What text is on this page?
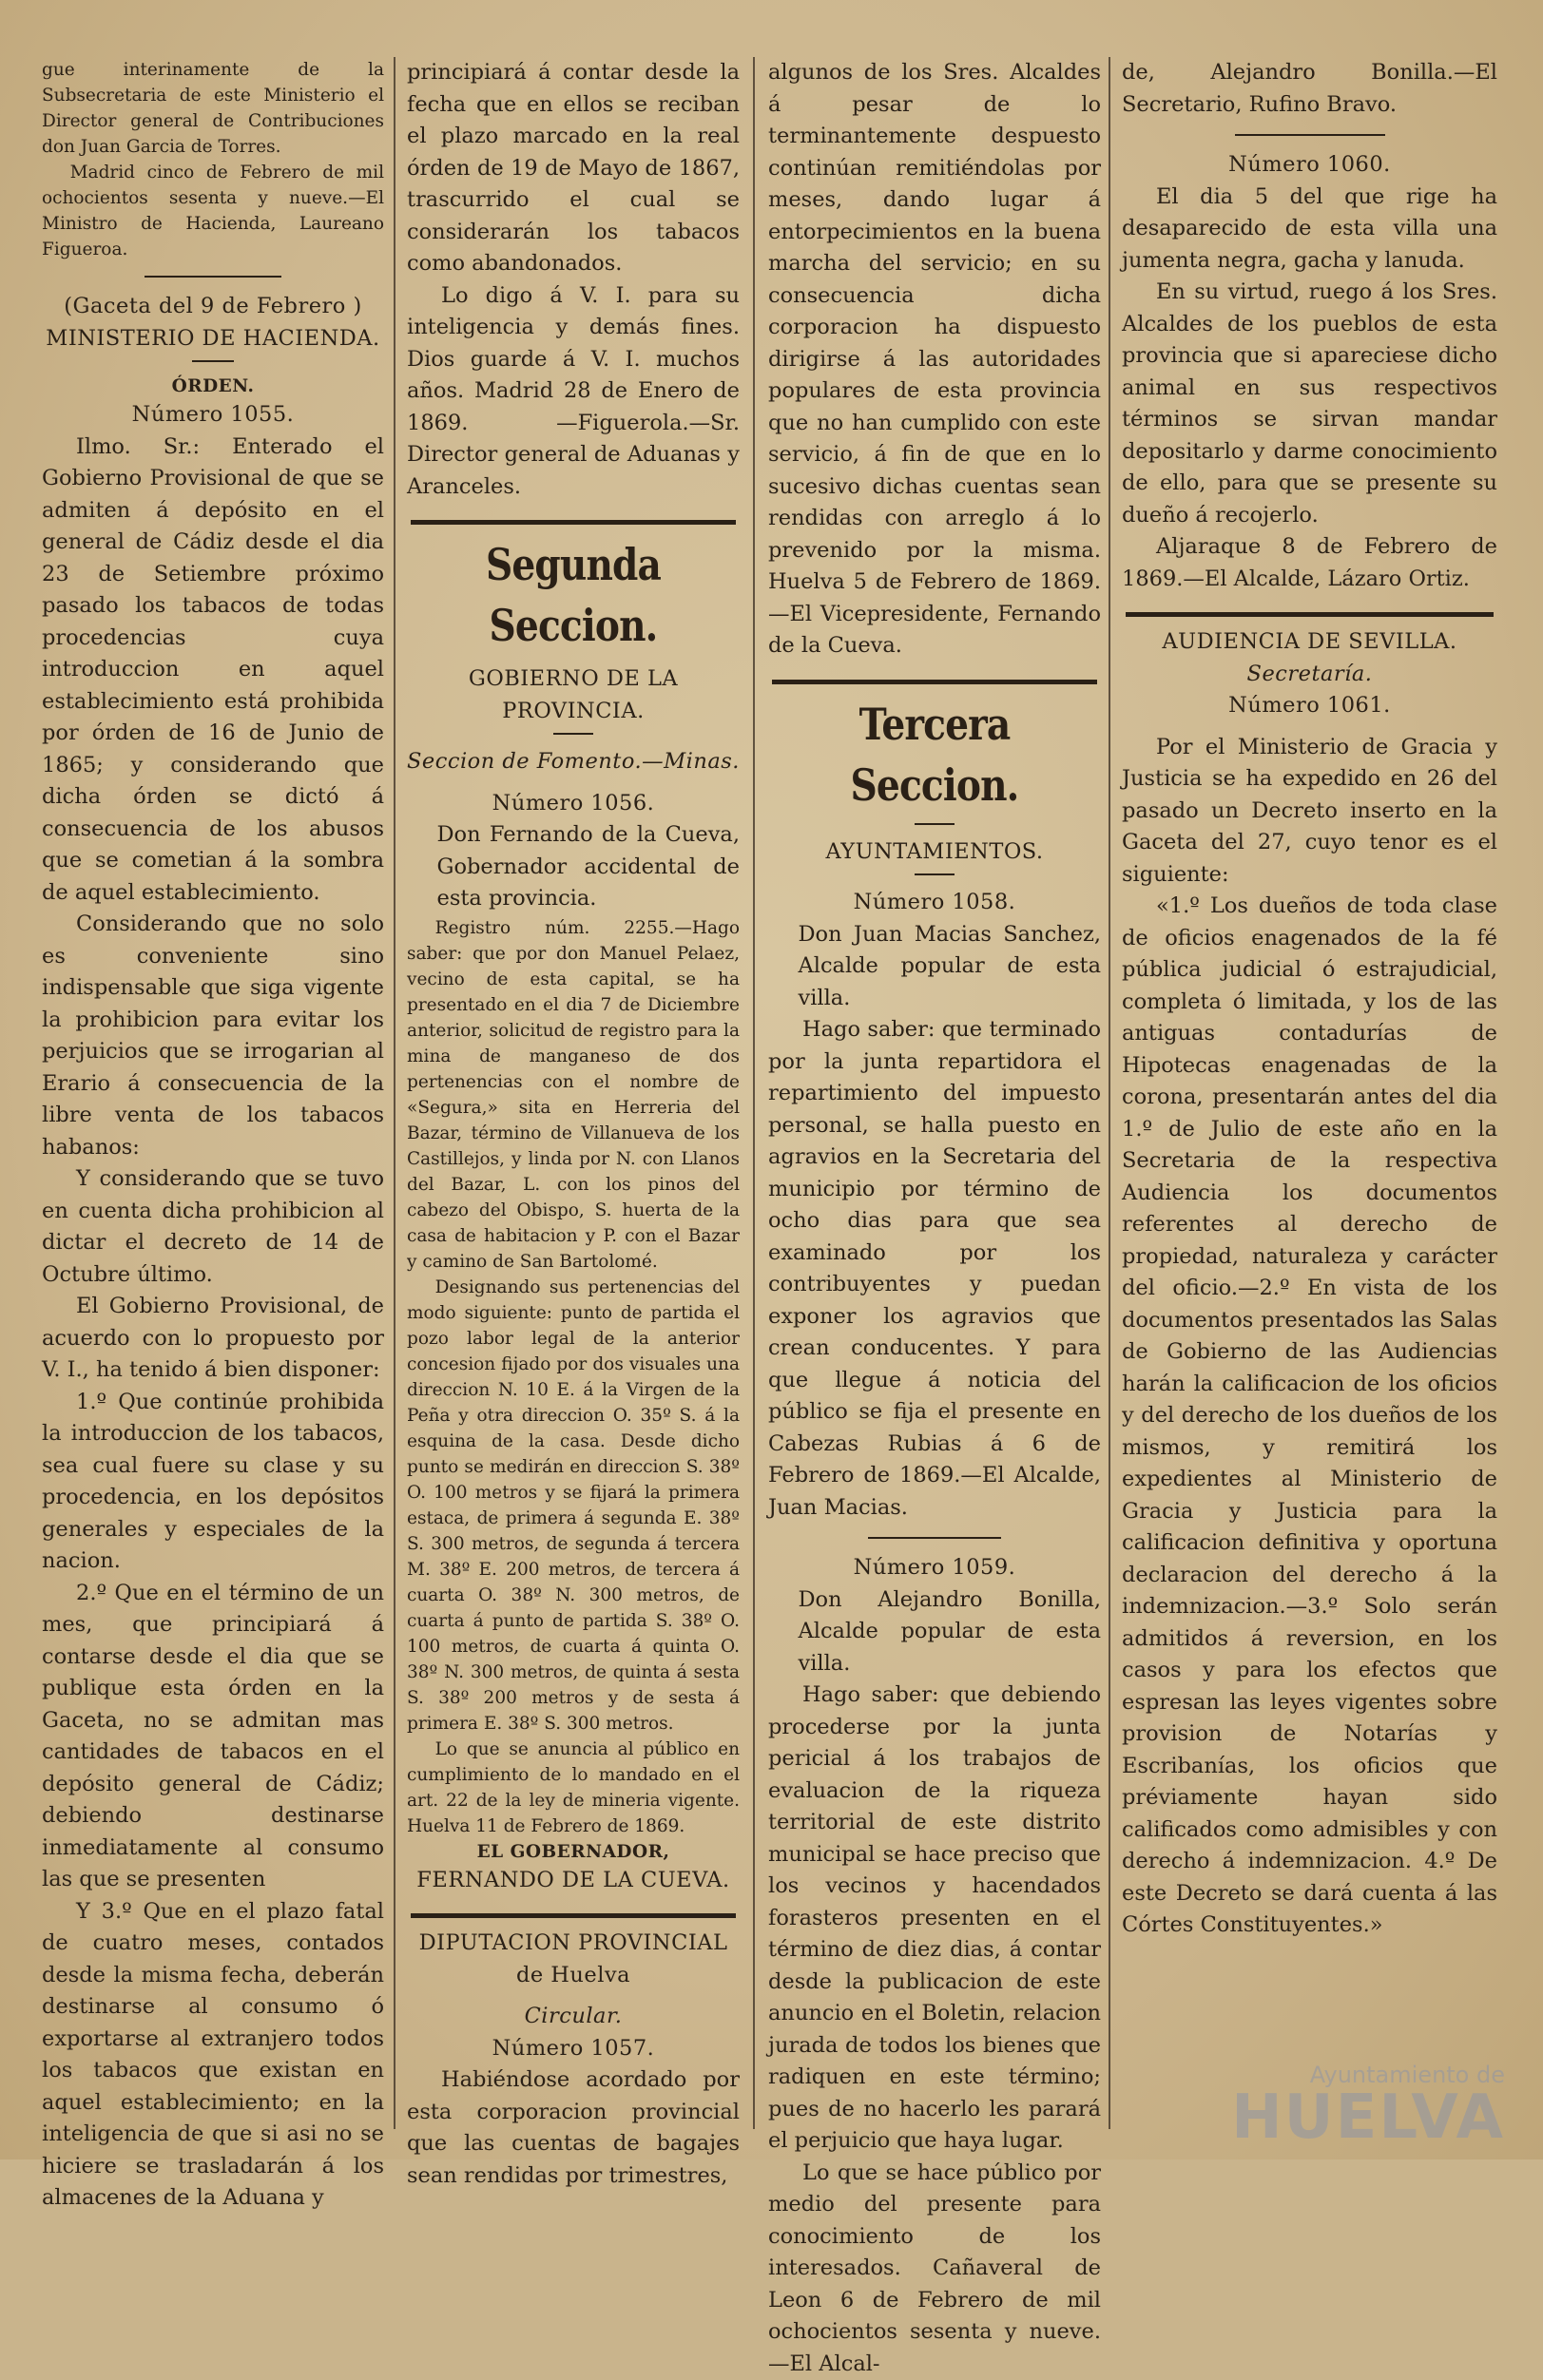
gue interinamente de la Subsecretaria de este Ministerio el Director general de Contribuciones don Juan Garcia de Torres.

Madrid cinco de Febrero de mil ochocientos sesenta y nueve.—El Ministro de Hacienda, Laureano Figueroa.

(Gaceta del 9 de Febrero )

MINISTERIO DE HACIENDA.

ÓRDEN.

Número 1055.

Ilmo. Sr.: Enterado el Gobierno Provisional de que se admiten á depósito en el general de Cádiz desde el dia 23 de Setiembre próximo pasado los tabacos de todas procedencias cuya introduccion en aquel establecimiento está prohibida por órden de 16 de Junio de 1865; y considerando que dicha órden se dictó á consecuencia de los abusos que se cometian á la sombra de aquel establecimiento.

Considerando que no solo es conveniente sino indispensable que siga vigente la prohibicion para evitar los perjuicios que se irrogarian al Erario á consecuencia de la libre venta de los tabacos habanos:

Y considerando que se tuvo en cuenta dicha prohibicion al dictar el decreto de 14 de Octubre último.

El Gobierno Provisional, de acuerdo con lo propuesto por V. I., ha tenido á bien disponer:

1.º Que continúe prohibida la introduccion de los tabacos, sea cual fuere su clase y su procedencia, en los depósitos generales y especiales de la nacion.

2.º Que en el término de un mes, que principiará á contarse desde el dia que se publique esta órden en la Gaceta, no se admitan mas cantidades de tabacos en el depósito general de Cádiz; debiendo destinarse inmediatamente al consumo las que se presenten

Y 3.º Que en el plazo fatal de cuatro meses, contados desde la misma fecha, deberán destinarse al consumo ó exportarse al extranjero todos los tabacos que existan en aquel establecimiento; en la inteligencia de que si asi no se hiciere se trasladarán á los almacenes de la Aduana y

principiará á contar desde la fecha que en ellos se reciban el plazo marcado en la real órden de 19 de Mayo de 1867, trascurrido el cual se considerarán los tabacos como abandonados.

Lo digo á V. I. para su inteligencia y demás fines. Dios guarde á V. I. muchos años. Madrid 28 de Enero de 1869. —Figuerola.—Sr. Director general de Aduanas y Aranceles.

Segunda Seccion.

GOBIERNO DE LA PROVINCIA.

Seccion de Fomento.—Minas.

Número 1056.

Don Fernando de la Cueva, Gobernador accidental de esta provincia.

Registro núm. 2255.—Hago saber: que por don Manuel Pelaez, vecino de esta capital, se ha presentado en el dia 7 de Diciembre anterior, solicitud de registro para la mina de manganeso de dos pertenencias con el nombre de «Segura,» sita en Herreria del Bazar, término de Villanueva de los Castillejos, y linda por N. con Llanos del Bazar, L. con los pinos del cabezo del Obispo, S. huerta de la casa de habitacion y P. con el Bazar y camino de San Bartolomé.

Designando sus pertenencias del modo siguiente: punto de partida el pozo labor legal de la anterior concesion fijado por dos visuales una direccion N. 10 E. á la Virgen de la Peña y otra direccion O. 35º S. á la esquina de la casa. Desde dicho punto se medirán en direccion S. 38º O. 100 metros y se fijará la primera estaca, de primera á segunda E. 38º S. 300 metros, de segunda á tercera M. 38º E. 200 metros, de tercera á cuarta O. 38º N. 300 metros, de cuarta á punto de partida S. 38º O. 100 metros, de cuarta á quinta O. 38º N. 300 metros, de quinta á sesta S. 38º 200 metros y de sesta á primera E. 38º S. 300 metros.

Lo que se anuncia al público en cumplimiento de lo mandado en el art. 22 de la ley de mineria vigente. Huelva 11 de Febrero de 1869.

EL GOBERNADOR,

FERNANDO DE LA CUEVA.

DIPUTACION PROVINCIAL

de Huelva

Circular.

Número 1057.

Habiéndose acordado por esta corporacion provincial que las cuentas de bagajes sean rendidas por trimestres,

algunos de los Sres. Alcaldes á pesar de lo terminantemente despuesto continúan remitiéndolas por meses, dando lugar á entorpecimientos en la buena marcha del servicio; en su consecuencia dicha corporacion ha dispuesto dirigirse á las autoridades populares de esta provincia que no han cumplido con este servicio, á fin de que en lo sucesivo dichas cuentas sean rendidas con arreglo á lo prevenido por la misma. Huelva 5 de Febrero de 1869. —El Vicepresidente, Fernando de la Cueva.

Tercera Seccion.

AYUNTAMIENTOS.

Número 1058.

Don Juan Macias Sanchez, Alcalde popular de esta villa.

Hago saber: que terminado por la junta repartidora el repartimiento del impuesto personal, se halla puesto en agravios en la Secretaria del municipio por término de ocho dias para que sea examinado por los contribuyentes y puedan exponer los agravios que crean conducentes. Y para que llegue á noticia del público se fija el presente en Cabezas Rubias á 6 de Febrero de 1869.—El Alcalde, Juan Macias.

Número 1059.

Don Alejandro Bonilla, Alcalde popular de esta villa.

Hago saber: que debiendo procederse por la junta pericial á los trabajos de evaluacion de la riqueza territorial de este distrito municipal se hace preciso que los vecinos y hacendados forasteros presenten en el término de diez dias, á contar desde la publicacion de este anuncio en el Boletin, relacion jurada de todos los bienes que radiquen en este término; pues de no hacerlo les parará el perjuicio que haya lugar.

Lo que se hace público por medio del presente para conocimiento de los interesados. Cañaveral de Leon 6 de Febrero de mil ochocientos sesenta y nueve.—El Alcal-

de, Alejandro Bonilla.—El Secretario, Rufino Bravo.

Número 1060.

El dia 5 del que rige ha desaparecido de esta villa una jumenta negra, gacha y lanuda.

En su virtud, ruego á los Sres. Alcaldes de los pueblos de esta provincia que si apareciese dicho animal en sus respectivos términos se sirvan mandar depositarlo y darme conocimiento de ello, para que se presente su dueño á recojerlo.

Aljaraque 8 de Febrero de 1869.—El Alcalde, Lázaro Ortiz.

AUDIENCIA DE SEVILLA.

Secretaría.

Número 1061.

Por el Ministerio de Gracia y Justicia se ha expedido en 26 del pasado un Decreto inserto en la Gaceta del 27, cuyo tenor es el siguiente:

«1.º Los dueños de toda clase de oficios enagenados de la fé pública judicial ó estrajudicial, completa ó limitada, y los de las antiguas contadurías de Hipotecas enagenadas de la corona, presentarán antes del dia 1.º de Julio de este año en la Secretaria de la respectiva Audiencia los documentos referentes al derecho de propiedad, naturaleza y carácter del oficio.—2.º En vista de los documentos presentados las Salas de Gobierno de las Audiencias harán la calificacion de los oficios y del derecho de los dueños de los mismos, y remitirá los expedientes al Ministerio de Gracia y Justicia para la calificacion definitiva y oportuna declaracion del derecho á la indemnizacion.—3.º Solo serán admitidos á reversion, en los casos y para los efectos que espresan las leyes vigentes sobre provision de Notarías y Escribanías, los oficios que préviamente hayan sido calificados como admisibles y con derecho á indemnizacion. 4.º De este Decreto se dará cuenta á las Córtes Constituyentes.»

Ayuntamiento de
HUELVA
